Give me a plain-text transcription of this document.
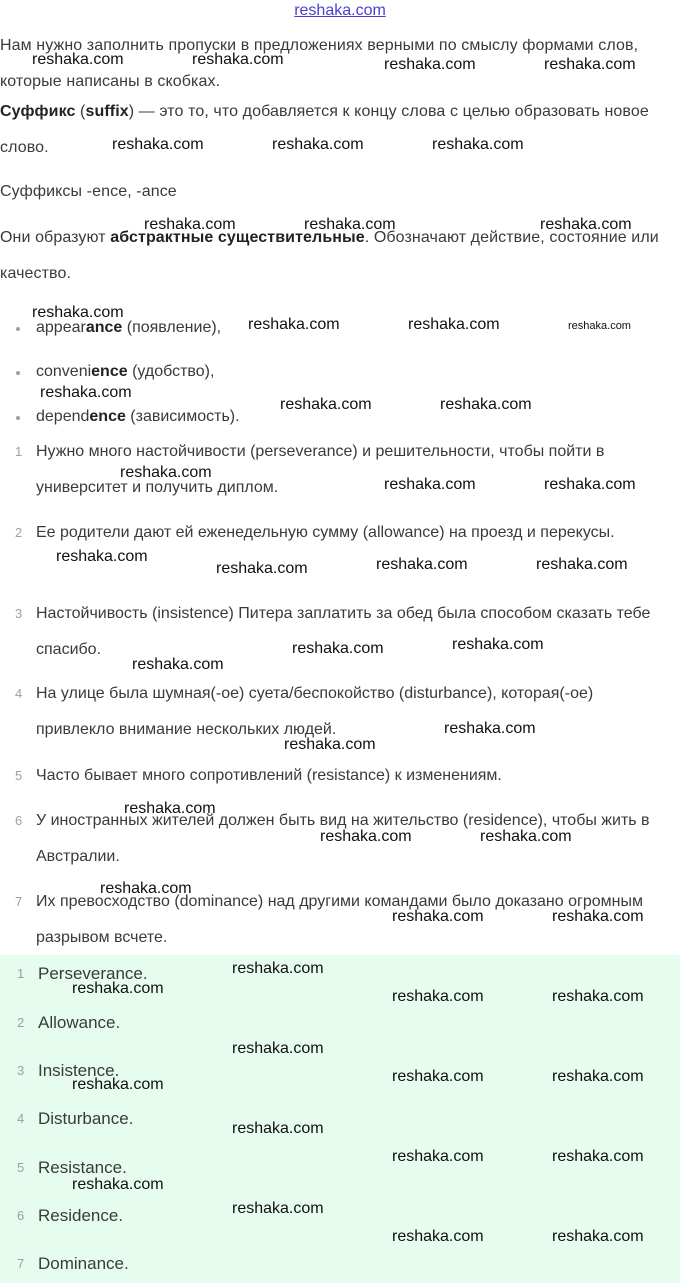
reshaka.com

Нам нужно заполнить пропуски в предложениях верными по смыслу формами слов, которые написаны в скобках.

Суффикс (suffix) — это то, что добавляется к концу слова с целью образовать новое слово.

Суффиксы -ence, -ance

Они образуют абстрактные существительные. Обозначают действие, состояние или качество.

appearance (появление),
convenience (удобство),
dependence (зависимость).
1 Нужно много настойчивости (perseverance) и решительности, чтобы пойти в университет и получить диплом.
2 Ее родители дают ей еженедельную сумму (allowance) на проезд и перекусы.
3 Настойчивость (insistence) Питера заплатить за обед была способом сказать тебе спасибо.
4 На улице была шумная(-ое) суета/беспокойство (disturbance), которая(-ое) привлекло внимание нескольких людей.
5 Часто бывает много сопротивлений (resistance) к изменениям.
6 У иностранных жителей должен быть вид на жительство (residence), чтобы жить в Австралии.
7 Их превосходство (dominance) над другими командами было доказано огромным разрывом всчете.
1 Perseverance.
2 Allowance.
3 Insistence.
4 Disturbance.
5 Resistance.
6 Residence.
7 Dominance.
reshaka.com	reshaka.com	reshaka.com	reshaka.com
reshaka.com	reshaka.com	reshaka.com
reshaka.com	reshaka.com	reshaka.com
reshaka.com
reshaka.com	reshaka.com	reshaka.com
reshaka.com
reshaka.com	reshaka.com
reshaka.com
reshaka.com	reshaka.com
reshaka.com
reshaka.com	reshaka.com	reshaka.com
reshaka.com	reshaka.com
reshaka.com
reshaka.com
reshaka.com
reshaka.com
reshaka.com	reshaka.com
reshaka.com
reshaka.com	reshaka.com
reshaka.com
reshaka.com	reshaka.com	reshaka.com
reshaka.com
reshaka.com	reshaka.com
reshaka.com
reshaka.com
reshaka.com	reshaka.com
reshaka.com
reshaka.com
reshaka.com	reshaka.com
